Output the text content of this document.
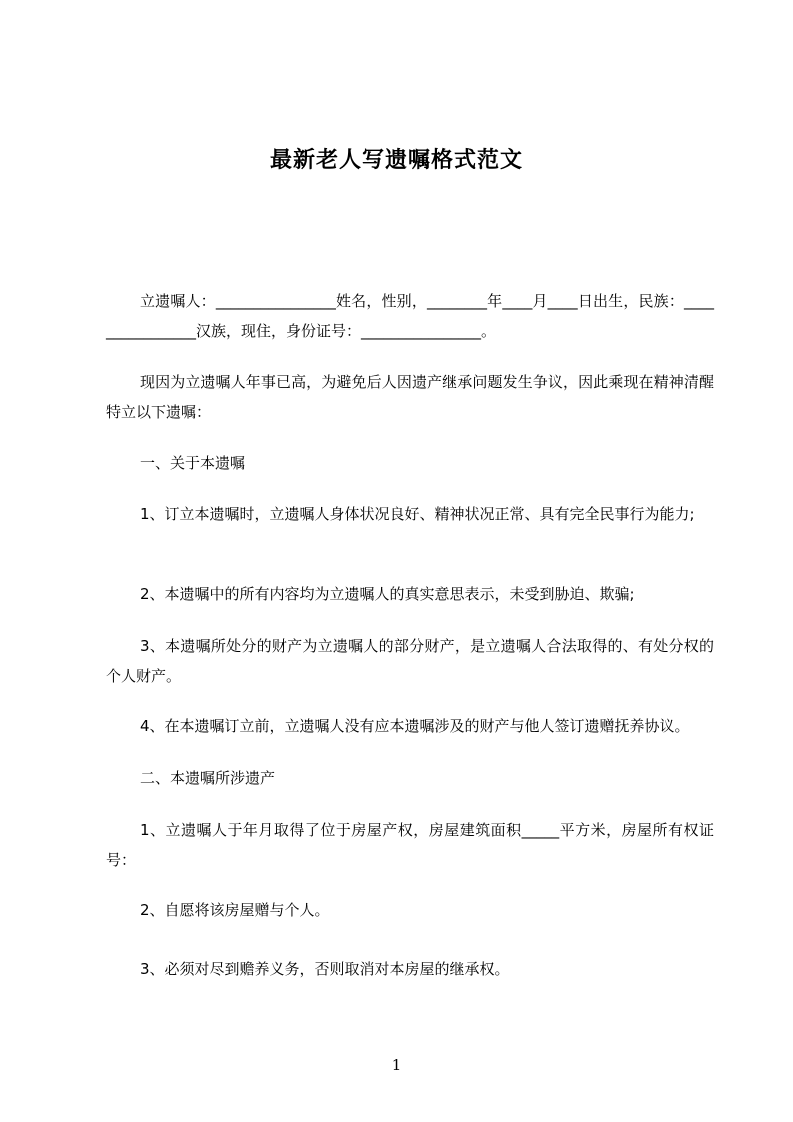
最新老人写遗嘱格式范文

立遗嘱人：________________姓名，性别，________年____月____日出生，民族：________________汉族，现住，身份证号：________________。

现因为立遗嘱人年事已高，为避免后人因遗产继承问题发生争议，因此乘现在精神清醒特立以下遗嘱：

一、关于本遗嘱

1、订立本遗嘱时，立遗嘱人身体状况良好、精神状况正常、具有完全民事行为能力;

2、本遗嘱中的所有内容均为立遗嘱人的真实意思表示，未受到胁迫、欺骗;

3、本遗嘱所处分的财产为立遗嘱人的部分财产，是立遗嘱人合法取得的、有处分权的个人财产。

4、在本遗嘱订立前，立遗嘱人没有应本遗嘱涉及的财产与他人签订遗赠抚养协议。

二、本遗嘱所涉遗产

1、立遗嘱人于年月取得了位于房屋产权，房屋建筑面积_____平方米，房屋所有权证号：

2、自愿将该房屋赠与个人。

3、必须对尽到赡养义务，否则取消对本房屋的继承权。

1
